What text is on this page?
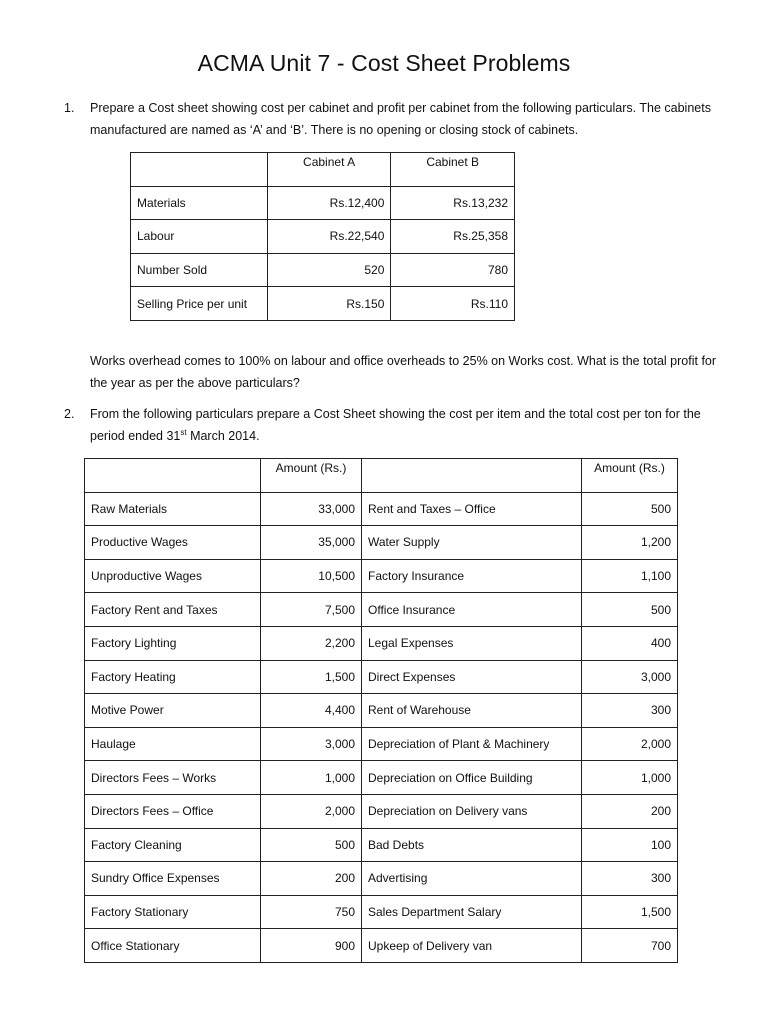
ACMA Unit 7 - Cost Sheet Problems
1. Prepare a Cost sheet showing cost per cabinet and profit per cabinet from the following particulars. The cabinets manufactured are named as ‘A’ and ‘B’. There is no opening or closing stock of cabinets.
	Cabinet A	Cabinet B
Materials	Rs.12,400	Rs.13,232
Labour	Rs.22,540	Rs.25,358
Number Sold	520	780
Selling Price per unit	Rs.150	Rs.110
Works overhead comes to 100% on labour and office overheads to 25% on Works cost. What is the total profit for the year as per the above particulars?
2. From the following particulars prepare a Cost Sheet showing the cost per item and the total cost per ton for the period ended 31st March 2014.
	Amount (Rs.)		Amount (Rs.)
Raw Materials	33,000	Rent and Taxes – Office	500
Productive Wages	35,000	Water Supply	1,200
Unproductive Wages	10,500	Factory Insurance	1,100
Factory Rent and Taxes	7,500	Office Insurance	500
Factory Lighting	2,200	Legal Expenses	400
Factory Heating	1,500	Direct Expenses	3,000
Motive Power	4,400	Rent of Warehouse	300
Haulage	3,000	Depreciation of Plant & Machinery	2,000
Directors Fees – Works	1,000	Depreciation on Office Building	1,000
Directors Fees – Office	2,000	Depreciation on Delivery vans	200
Factory Cleaning	500	Bad Debts	100
Sundry Office Expenses	200	Advertising	300
Factory Stationary	750	Sales Department Salary	1,500
Office Stationary	900	Upkeep of Delivery van	700
